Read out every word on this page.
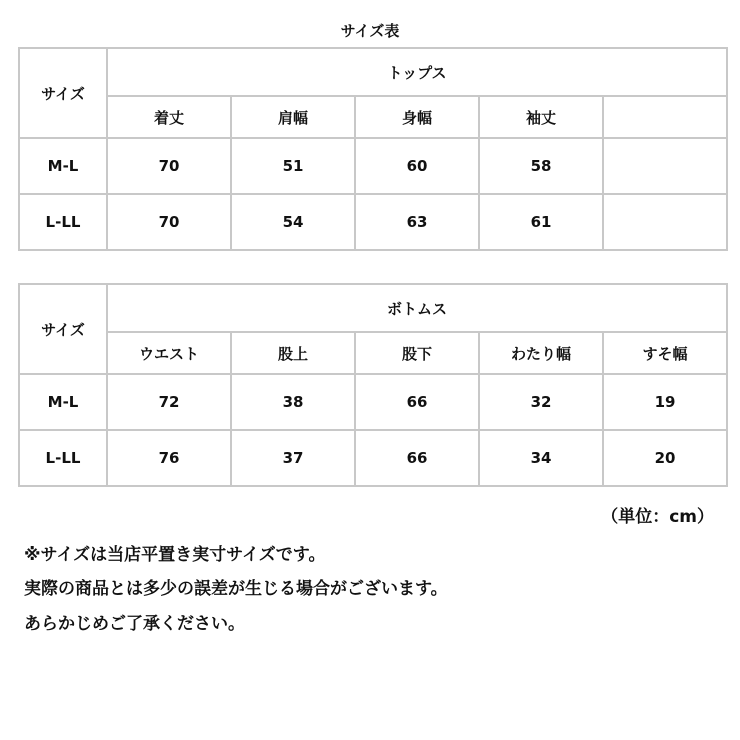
サイズ表
サイズ	トップス				
	着丈	肩幅	身幅	袖丈	
M-L	70	51	60	58	
L-LL	70	54	63	61	
サイズ	ボトムス				
	ウエスト	股上	股下	わたり幅	すそ幅
M-L	72	38	66	32	19
L-LL	76	37	66	34	20
（単位：cm）
※サイズは当店平置き実寸サイズです。
実際の商品とは多少の誤差が生じる場合がございます。
あらかじめご了承ください。
